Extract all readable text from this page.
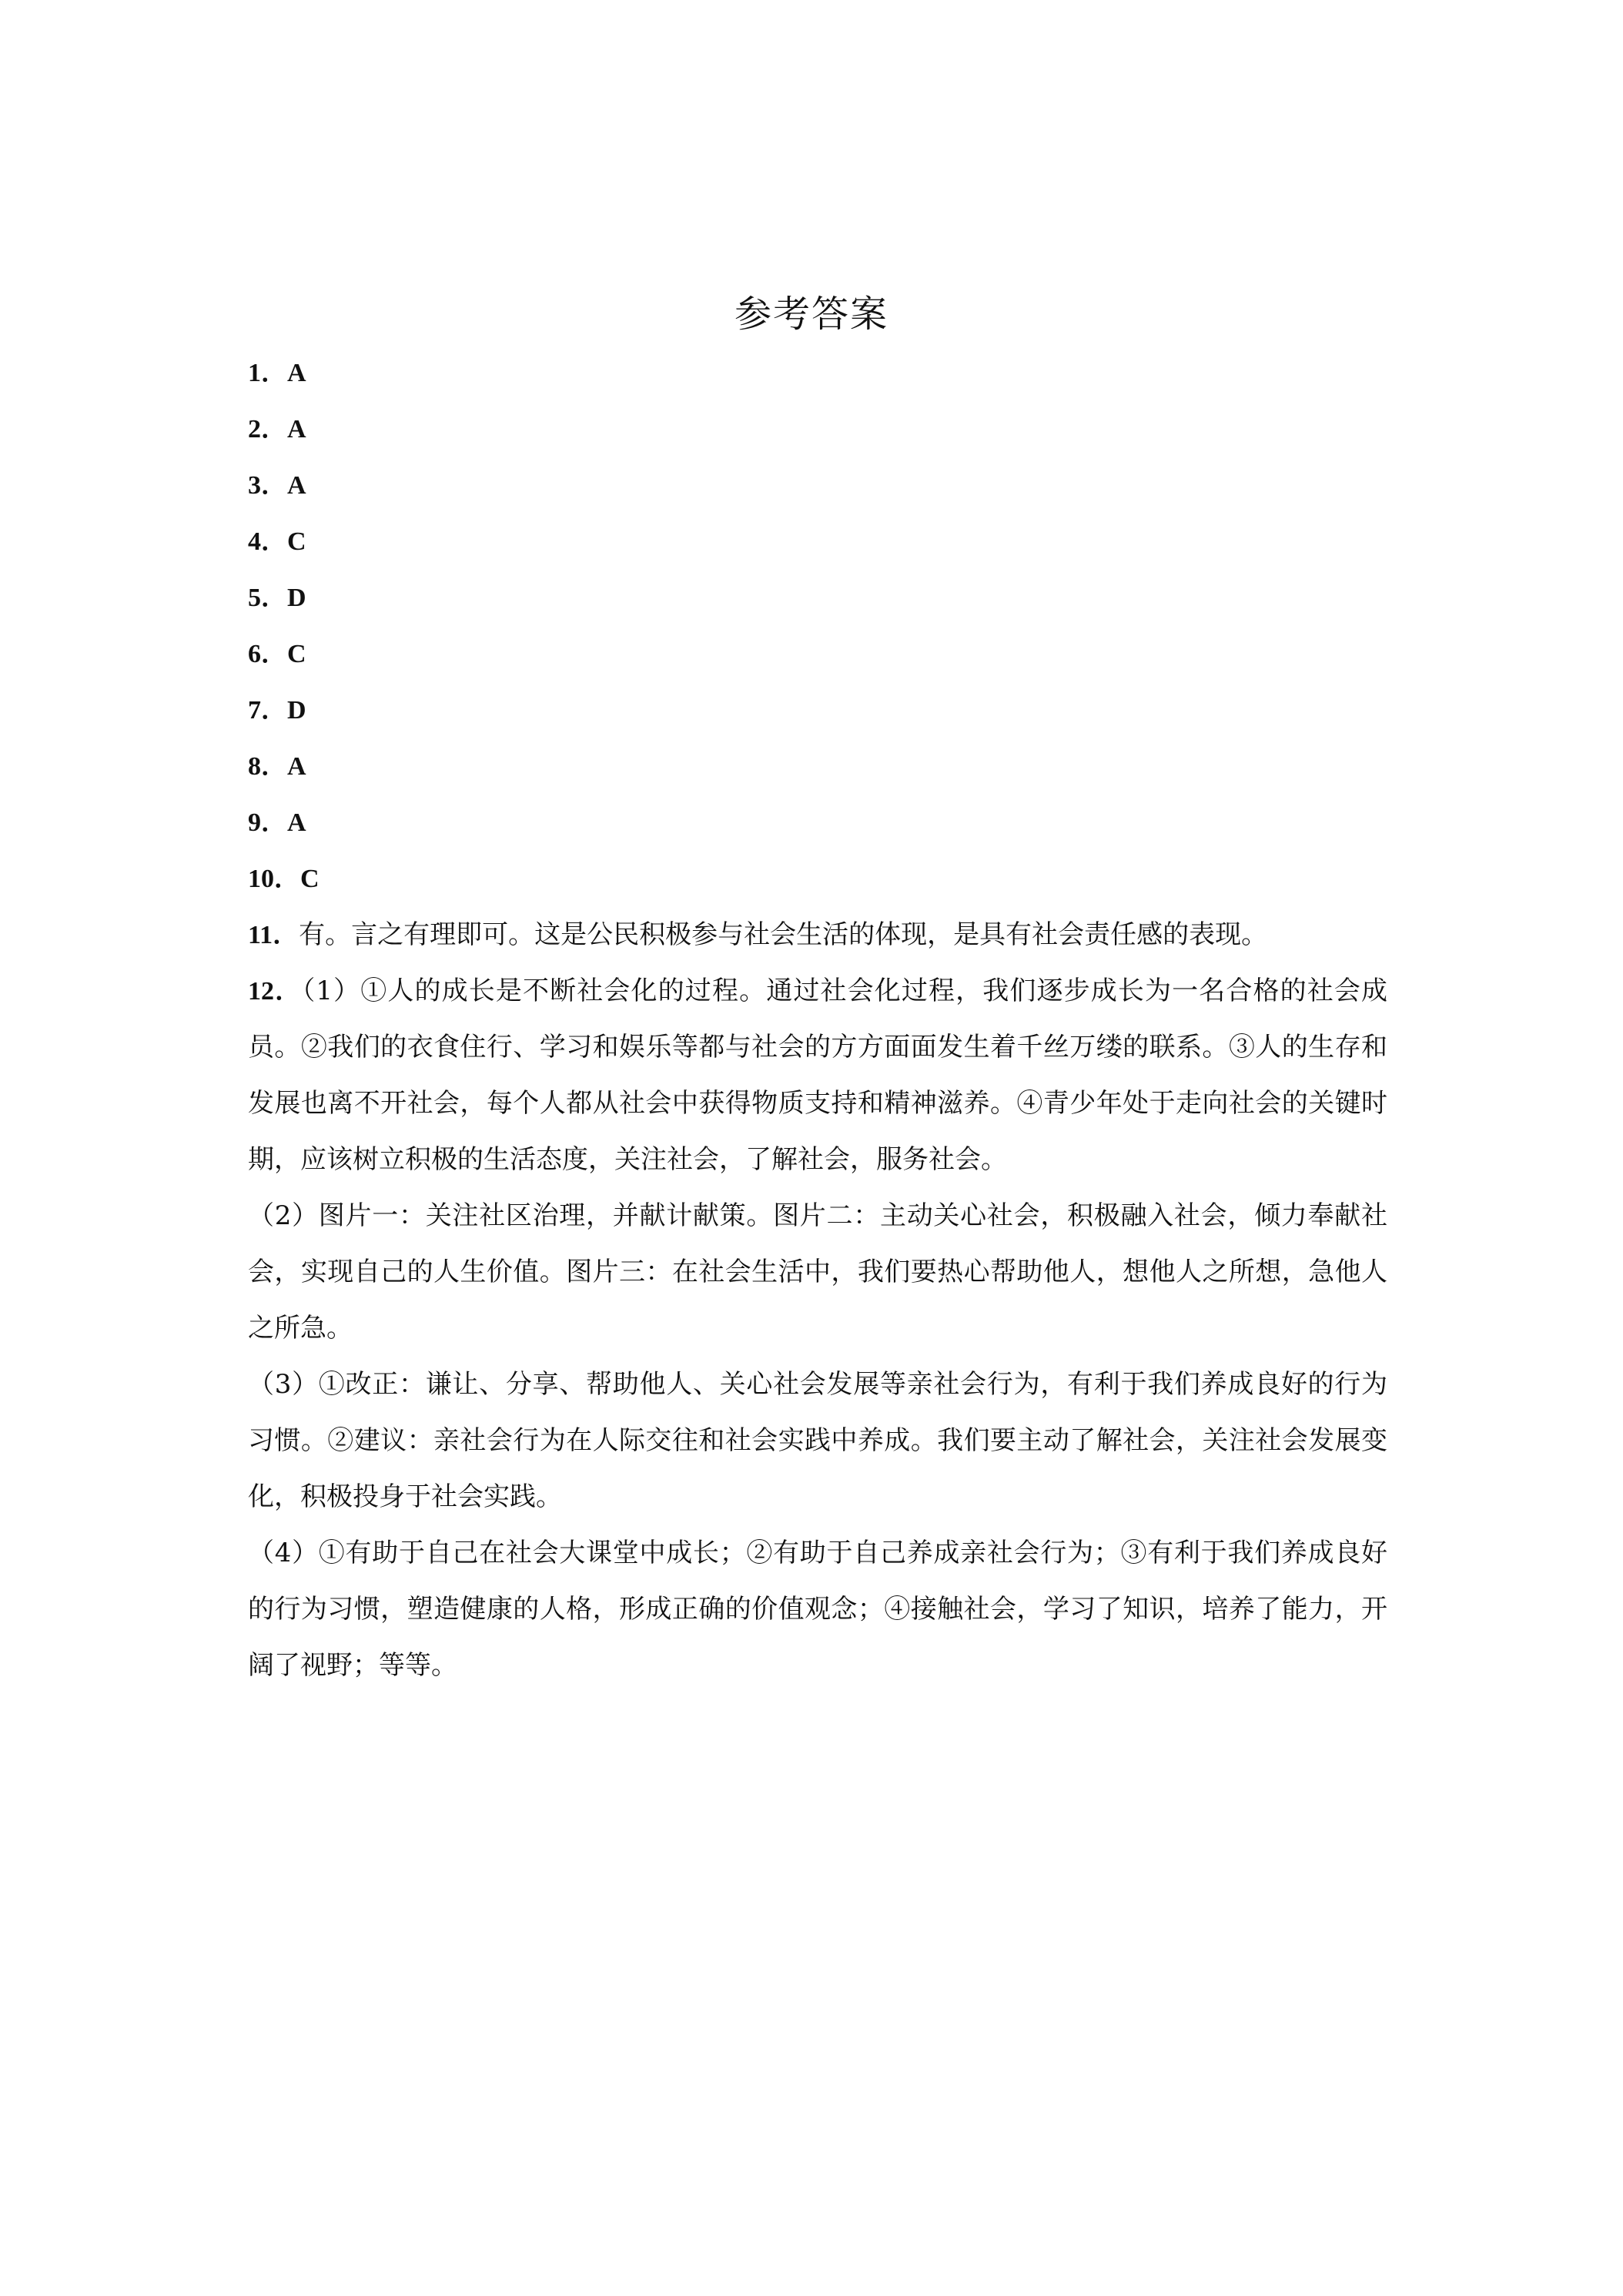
参考答案
1．A
2．A
3．A
4．C
5．D
6．C
7．D
8．A
9．A
10．C

11．有。言之有理即可。这是公民积极参与社会生活的体现，是具有社会责任感的表现。

12．（1）①人的成长是不断社会化的过程。通过社会化过程，我们逐步成长为一名合格的社会成员。②我们的衣食住行、学习和娱乐等都与社会的方方面面发生着千丝万缕的联系。③人的生存和发展也离不开社会，每个人都从社会中获得物质支持和精神滋养。④青少年处于走向社会的关键时期，应该树立积极的生活态度，关注社会，了解社会，服务社会。

（2）图片一：关注社区治理，并献计献策。图片二：主动关心社会，积极融入社会，倾力奉献社会，实现自己的人生价值。图片三：在社会生活中，我们要热心帮助他人，想他人之所想，急他人之所急。

（3）①改正：谦让、分享、帮助他人、关心社会发展等亲社会行为，有利于我们养成良好的行为习惯。②建议：亲社会行为在人际交往和社会实践中养成。我们要主动了解社会，关注社会发展变化，积极投身于社会实践。

（4）①有助于自己在社会大课堂中成长；②有助于自己养成亲社会行为；③有利于我们养成良好的行为习惯，塑造健康的人格，形成正确的价值观念；④接触社会，学习了知识，培养了能力，开阔了视野；等等。
